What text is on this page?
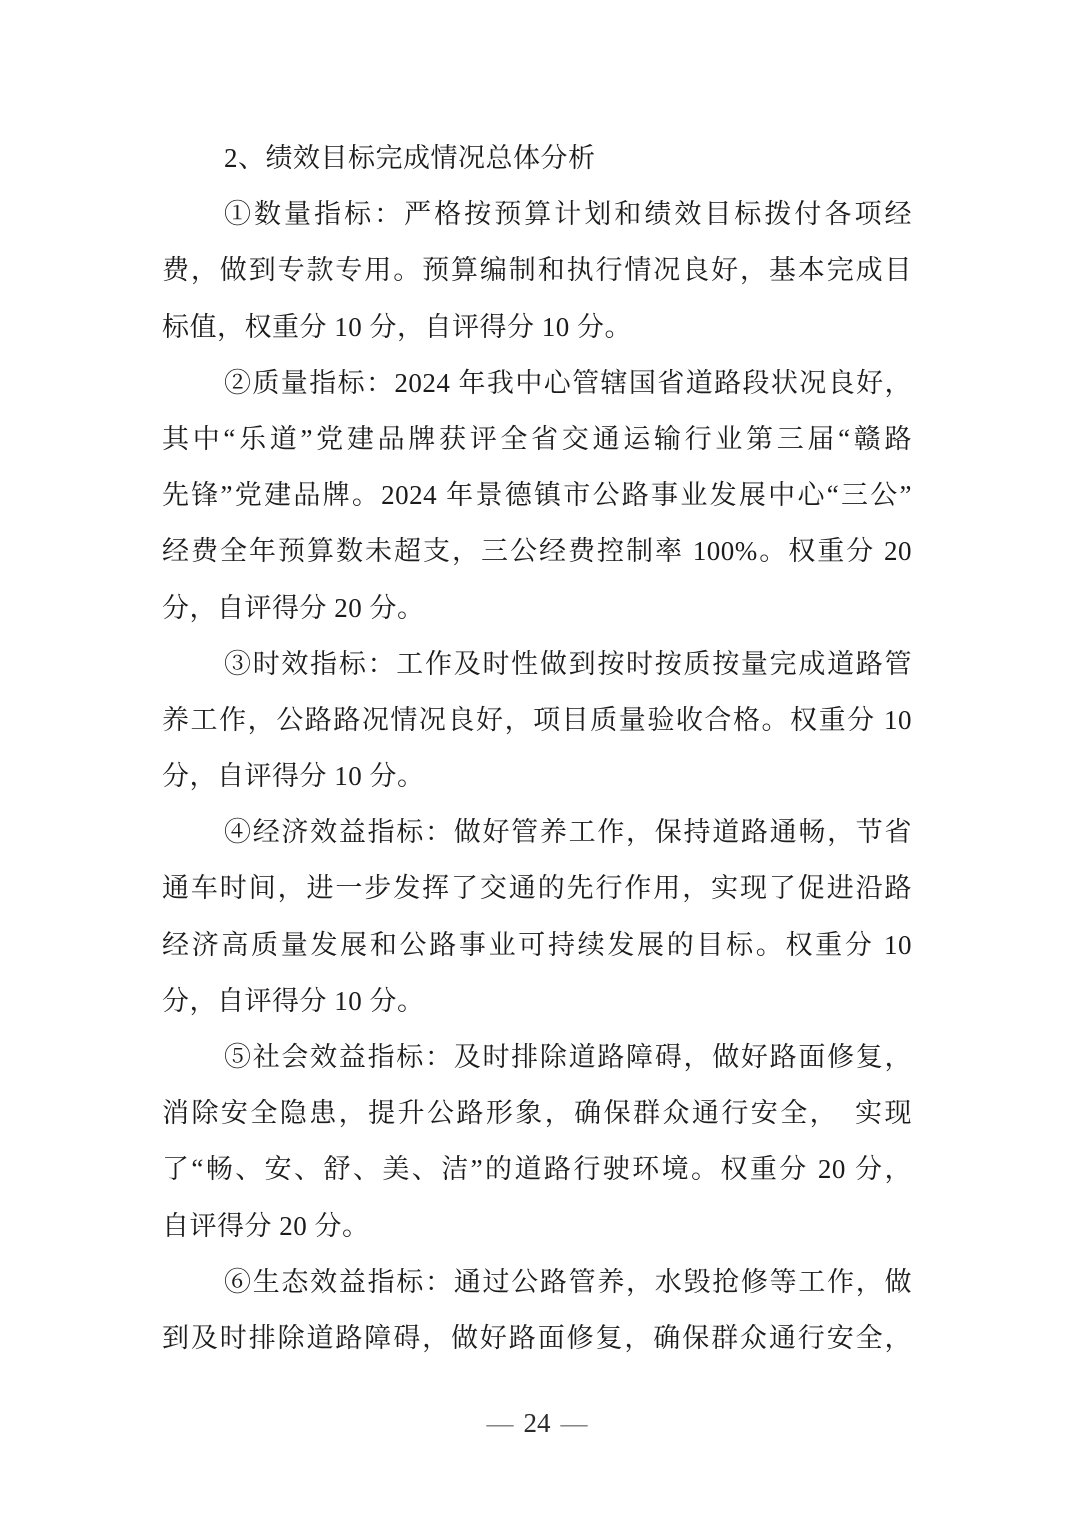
2、绩效目标完成情况总体分析
①数量指标：严格按预算计划和绩效目标拨付各项经
费，做到专款专用。预算编制和执行情况良好，基本完成目
标值，权重分 10 分，自评得分 10 分。
②质量指标：2024 年我中心管辖国省道路段状况良好，
其中“乐道”党建品牌获评全省交通运输行业第三届“赣路
先锋”党建品牌。2024 年景德镇市公路事业发展中心“三公”
经费全年预算数未超支，三公经费控制率 100%。权重分 20
分，自评得分 20 分。
③时效指标：工作及时性做到按时按质按量完成道路管
养工作，公路路况情况良好，项目质量验收合格。权重分 10
分，自评得分 10 分。
④经济效益指标：做好管养工作，保持道路通畅，节省
通车时间，进一步发挥了交通的先行作用，实现了促进沿路
经济高质量发展和公路事业可持续发展的目标。权重分 10
分，自评得分 10 分。
⑤社会效益指标：及时排除道路障碍，做好路面修复，
消除安全隐患，提升公路形象，确保群众通行安全，　实现
了“畅、安、舒、美、洁”的道路行驶环境。权重分 20 分，
自评得分 20 分。
⑥生态效益指标：通过公路管养，水毁抢修等工作，做
到及时排除道路障碍，做好路面修复，确保群众通行安全，
— 24 —
